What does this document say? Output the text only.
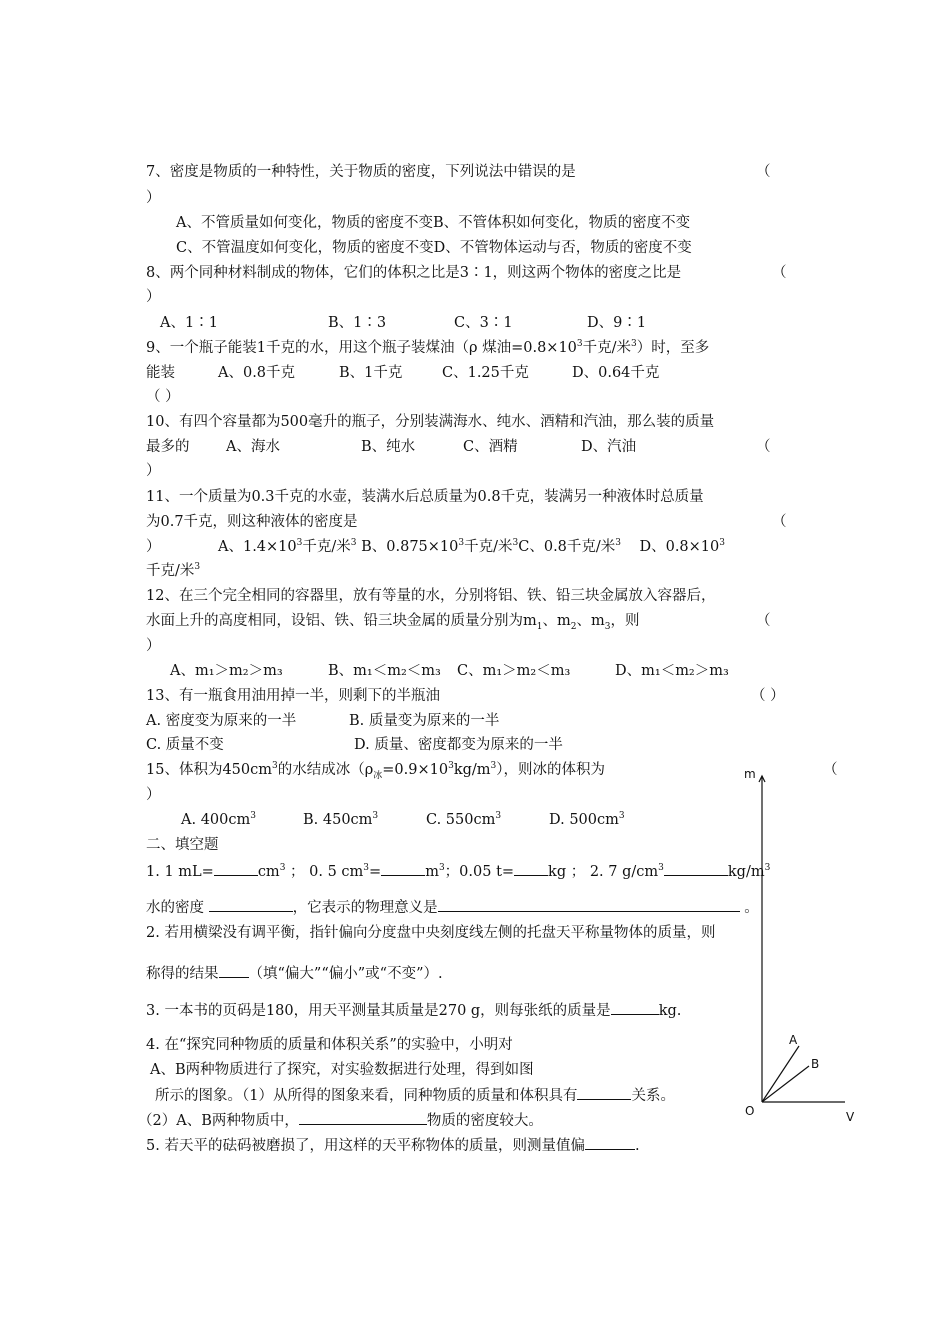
7、密度是物质的一种特性，关于物质的密度，下列说法中错误的是	（
）
A、不管质量如何变化，物质的密度不变B、不管体积如何变化，物质的密度不变
C、不管温度如何变化，物质的密度不变D、不管物体运动与否，物质的密度不变
8、两个同种材料制成的物体，它们的体积之比是3∶1，则这两个物体的密度之比是	（
）
A、1∶1	B、1∶3	C、3∶1	D、9∶1
9、一个瓶子能装1千克的水，用这个瓶子装煤油（ρ 煤油$=0.8\times 10^3$千克/米$^3$）时，至多
能装	A、0.8千克	B、1千克	C、1.25千克	D、0.64千克
（ ）
10、有四个容量都为500毫升的瓶子，分别装满海水、纯水、酒精和汽油，那么装的质量
最多的	A、海水	B、纯水	C、酒精	D、汽油	（
）
11、一个质量为0.3千克的水壶，装满水后总质量为0.8千克，装满另一种液体时总质量
为0.7千克，则这种液体的密度是	（
）	A、$1.4\times 10^3$千克/米$^3$ B、$0.875\times 10^3$千克/米$^3$C、0.8千克/米$^3$ D、$0.8\times 10^3$
千克/米$^3$
12、在三个完全相同的容器里，放有等量的水，分别将铝、铁、铅三块金属放入容器后，
水面上升的高度相同，设铝、铁、铅三块金属的质量分别为$m_1$、$m_2$、$m_3$，则	（
）
A、m₁＞m₂＞m₃	B、m₁＜m₂＜m₃ C、m₁＞m₂＜m₃	D、m₁＜m₂＞m₃
13、有一瓶食用油用掉一半，则剩下的半瓶油	（ ）
A. 密度变为原来的一半	B. 质量变为原来的一半
C. 质量不变	D. 质量、密度都变为原来的一半
15、体积为$450cm^3$的水结成冰$(\rho_冰=0.9\times 10^3kg/m^3)$，则冰的体积为	（
）
A. $400cm^3$	B. $450cm^3$	C. $550cm^3$	D. $500cm^3$
二、填空题
1. 1 mL=	$cm^3$ ； 0. 5 $cm^3=$	$m^3$；0.05 t= kg ； 2. 7 $g/cm^3$	$kg/m^3$
水的密度	，它表示的物理意义是	。
2. 若用横梁没有调平衡，指针偏向分度盘中央刻度线左侧的托盘天平称量物体的质量，则
称得的结果 （填“偏大”“偏小”或“不变”）.
3. 一本书的页码是180，用天平测量其质量是270 g，则每张纸的质量是	kg.
4. 在“探究同种物质的质量和体积关系”的实验中，小明对
A、B两种物质进行了探究，对实验数据进行处理，得到如图
所示的图象。（1）从所得的图象来看，同种物质的质量和体积具有	关系。
（2）A、B两种物质中，	物质的密度较大。
5. 若天平的砝码被磨损了，用这样的天平称物体的质量，则测量值偏	.
m
O	V
A
B
